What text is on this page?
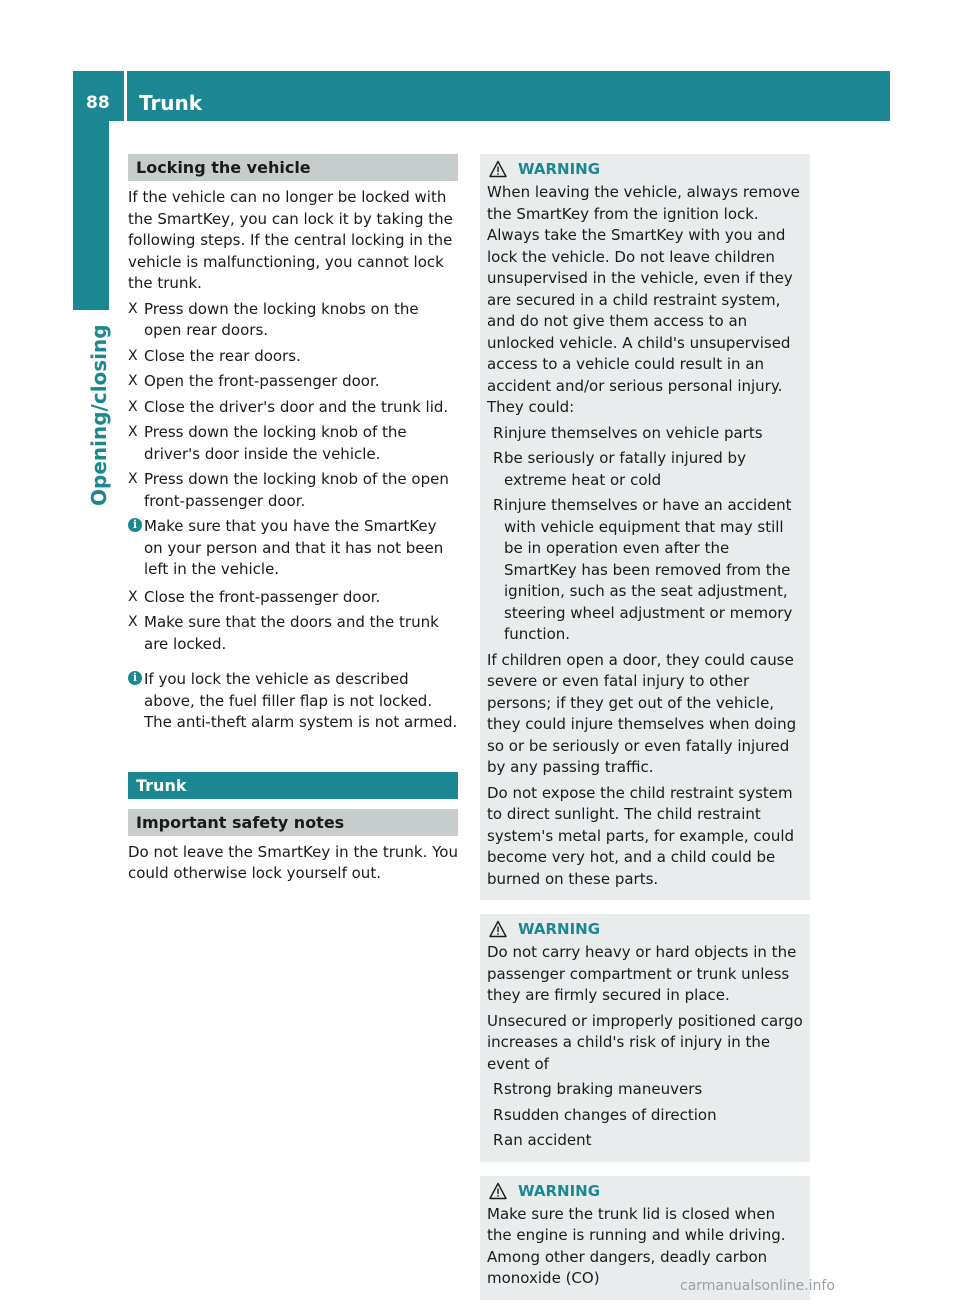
88 Trunk
Opening/closing
Locking the vehicle

If the vehicle can no longer be locked with the SmartKey, you can lock it by taking the following steps. If the central locking in the vehicle is malfunctioning, you cannot lock the trunk.

X Press down the locking knobs on the open rear doors.
X Close the rear doors.
X Open the front-passenger door.
X Close the driver's door and the trunk lid.
X Press down the locking knob of the driver's door inside the vehicle.
X Press down the locking knob of the open front-passenger door.
i Make sure that you have the SmartKey on your person and that it has not been left in the vehicle.
X Close the front-passenger door.
X Make sure that the doors and the trunk are locked.
i If you lock the vehicle as described above, the fuel filler flap is not locked. The anti-theft alarm system is not armed.
Trunk
Important safety notes

Do not leave the SmartKey in the trunk. You could otherwise lock yourself out.

WARNING

When leaving the vehicle, always remove the SmartKey from the ignition lock. Always take the SmartKey with you and lock the vehicle. Do not leave children unsupervised in the vehicle, even if they are secured in a child restraint system, and do not give them access to an unlocked vehicle. A child's unsupervised access to a vehicle could result in an accident and/or serious personal injury. They could:

R injure themselves on vehicle parts
R be seriously or fatally injured by extreme heat or cold
R injure themselves or have an accident with vehicle equipment that may still be in operation even after the SmartKey has been removed from the ignition, such as the seat adjustment, steering wheel adjustment or memory function.

If children open a door, they could cause severe or even fatal injury to other persons; if they get out of the vehicle, they could injure themselves when doing so or be seriously or even fatally injured by any passing traffic.

Do not expose the child restraint system to direct sunlight. The child restraint system's metal parts, for example, could become very hot, and a child could be burned on these parts.

WARNING

Do not carry heavy or hard objects in the passenger compartment or trunk unless they are firmly secured in place.

Unsecured or improperly positioned cargo increases a child's risk of injury in the event of

R strong braking maneuvers
R sudden changes of direction
R an accident
WARNING

Make sure the trunk lid is closed when the engine is running and while driving. Among other dangers, deadly carbon monoxide (CO)	carmanualsonline.info
